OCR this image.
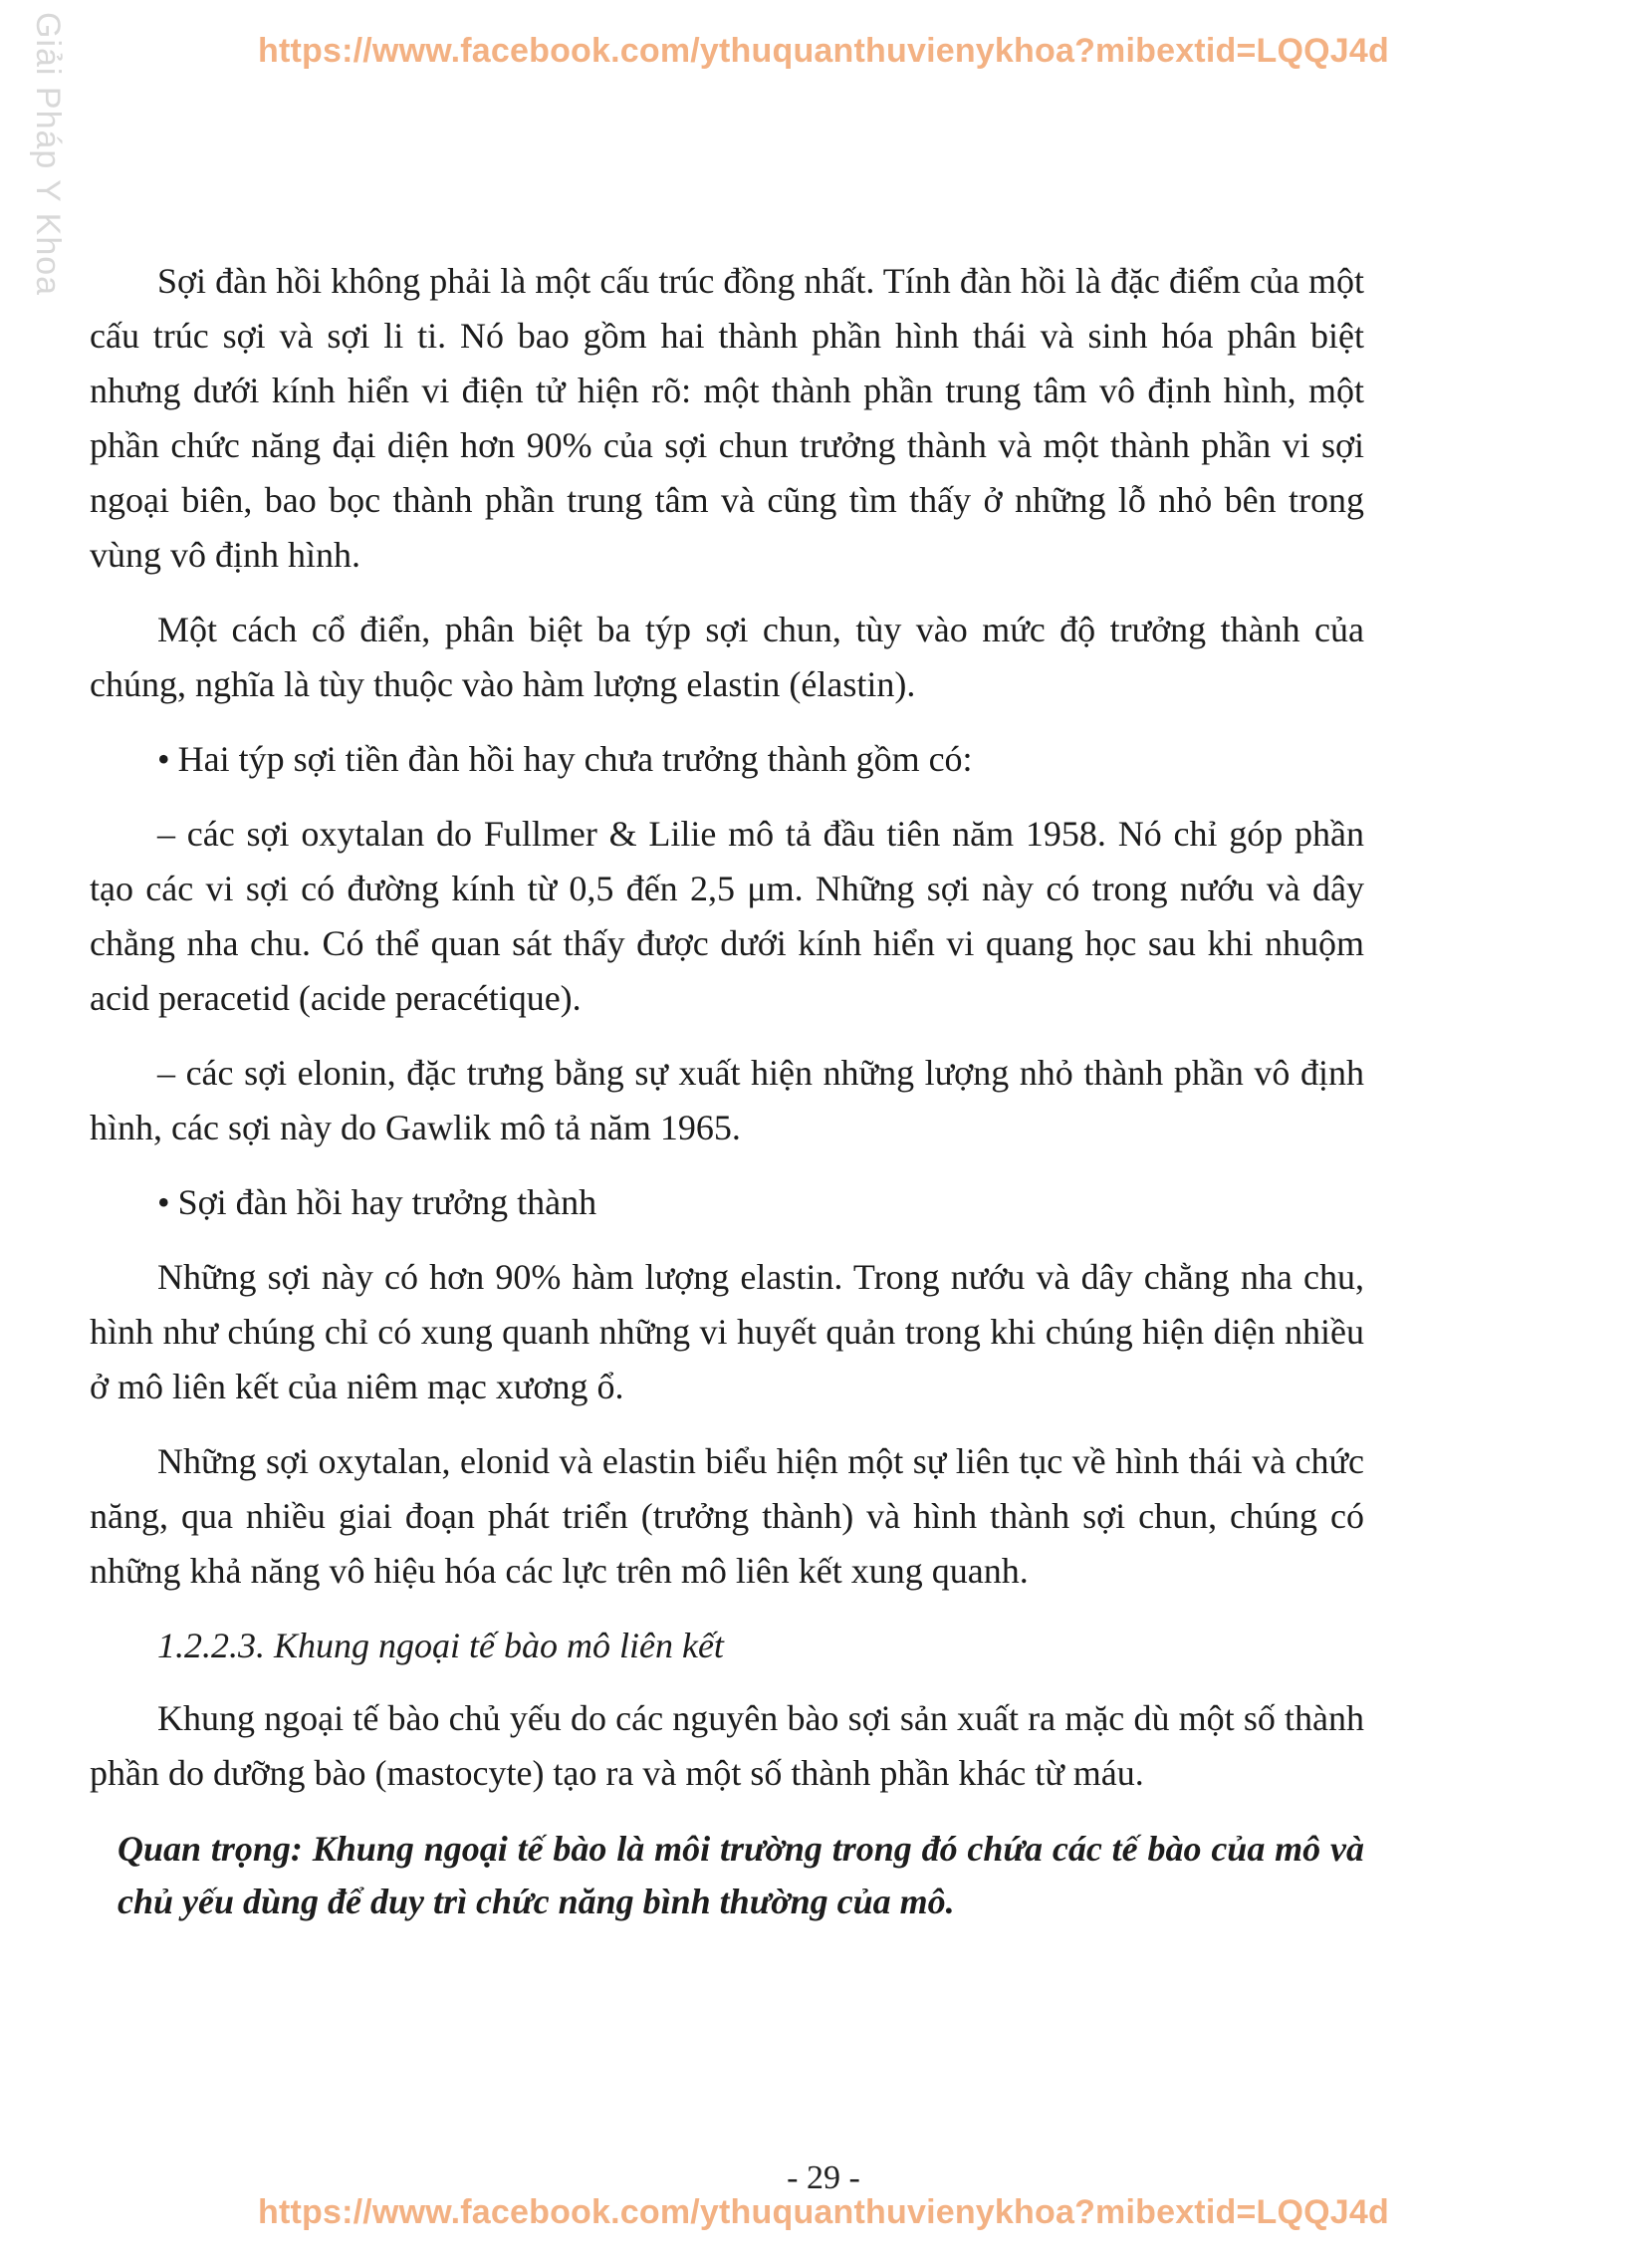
https://www.facebook.com/ythuquanthuvienykhoa?mibextid=LQQJ4d
Giải Pháp Y Khoa	Sợi đàn hồi không phải là một cấu trúc đồng nhất. Tính đàn hồi là đặc điểm của một cấu trúc sợi và sợi li ti. Nó bao gồm hai thành phần hình thái và sinh hóa phân biệt nhưng dưới kính hiển vi điện tử hiện rõ: một thành phần trung tâm vô định hình, một phần chức năng đại diện hơn 90% của sợi chun trưởng thành và một thành phần vi sợi ngoại biên, bao bọc thành phần trung tâm và cũng tìm thấy ở những lỗ nhỏ bên trong vùng vô định hình.

Một cách cổ điển, phân biệt ba týp sợi chun, tùy vào mức độ trưởng thành của chúng, nghĩa là tùy thuộc vào hàm lượng elastin (élastin).

• Hai týp sợi tiền đàn hồi hay chưa trưởng thành gồm có:

– các sợi oxytalan do Fullmer & Lilie mô tả đầu tiên năm 1958. Nó chỉ góp phần tạo các vi sợi có đường kính từ 0,5 đến 2,5 μm. Những sợi này có trong nướu và dây chằng nha chu. Có thể quan sát thấy được dưới kính hiển vi quang học sau khi nhuộm acid peracetid (acide peracétique).

– các sợi elonin, đặc trưng bằng sự xuất hiện những lượng nhỏ thành phần vô định hình, các sợi này do Gawlik mô tả năm 1965.

• Sợi đàn hồi hay trưởng thành

Những sợi này có hơn 90% hàm lượng elastin. Trong nướu và dây chằng nha chu, hình như chúng chỉ có xung quanh những vi huyết quản trong khi chúng hiện diện nhiều ở mô liên kết của niêm mạc xương ổ.

Những sợi oxytalan, elonid và elastin biểu hiện một sự liên tục về hình thái và chức năng, qua nhiều giai đoạn phát triển (trưởng thành) và hình thành sợi chun, chúng có những khả năng vô hiệu hóa các lực trên mô liên kết xung quanh.

1.2.2.3. Khung ngoại tế bào mô liên kết

Khung ngoại tế bào chủ yếu do các nguyên bào sợi sản xuất ra mặc dù một số thành phần do dưỡng bào (mastocyte) tạo ra và một số thành phần khác từ máu.

Quan trọng: Khung ngoại tế bào là môi trường trong đó chứa các tế bào của mô và chủ yếu dùng để duy trì chức năng bình thường của mô.

- 29 -
https://www.facebook.com/ythuquanthuvienykhoa?mibextid=LQQJ4d
